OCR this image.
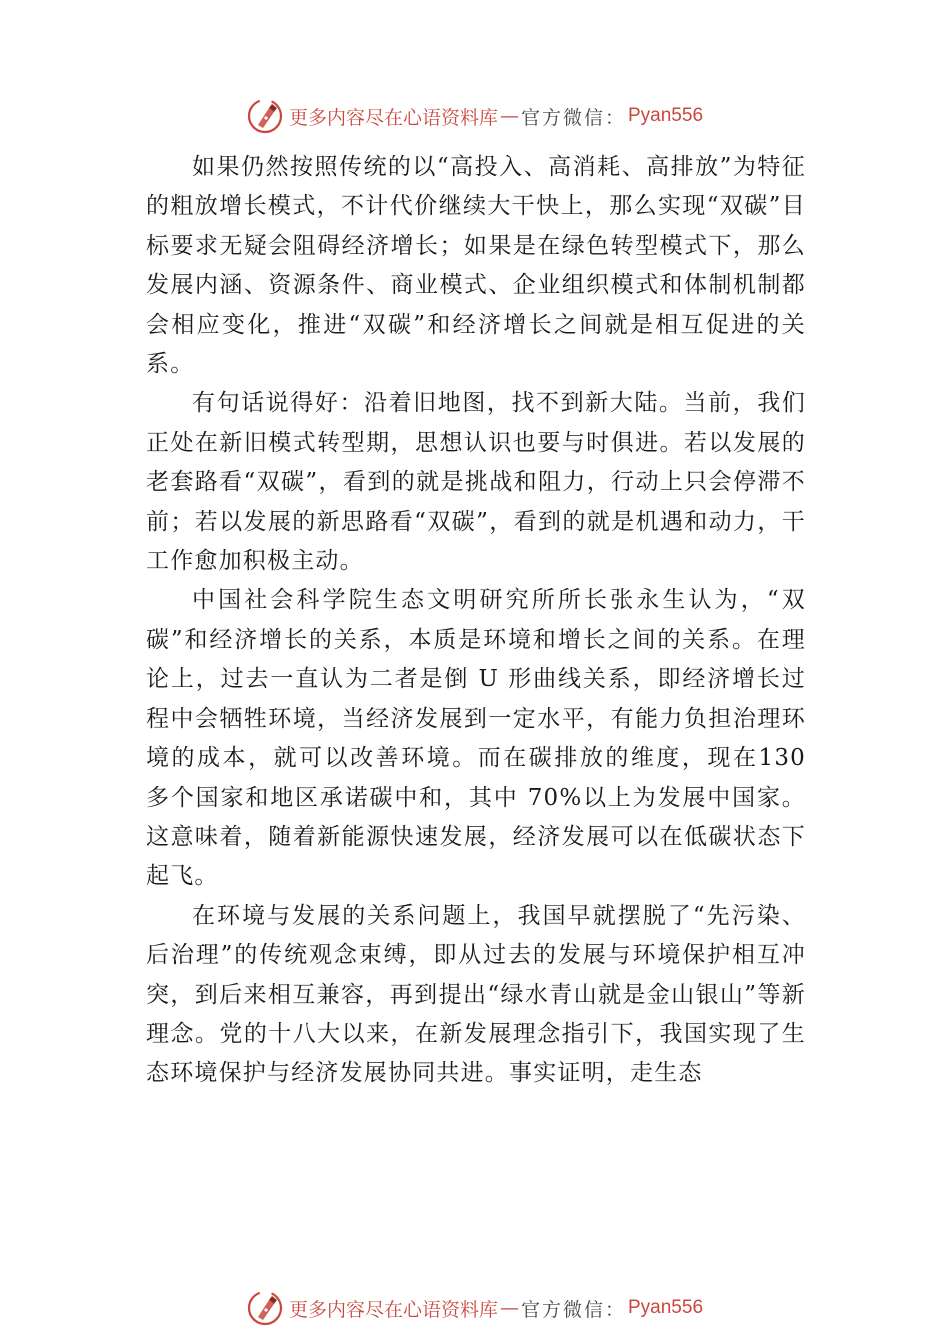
更多内容尽在心语资料库 — 官方微信： Pyan556

如果仍然按照传统的以“高投入、高消耗、高排放”为特征的粗放增长模式，不计代价继续大干快上，那么实现“双碳”目标要求无疑会阻碍经济增长；如果是在绿色转型模式下，那么发展内涵、资源条件、商业模式、企业组织模式和体制机制都会相应变化，推进“双碳”和经济增长之间就是相互促进的关系。

有句话说得好：沿着旧地图，找不到新大陆。当前，我们正处在新旧模式转型期，思想认识也要与时俱进。若以发展的老套路看“双碳”，看到的就是挑战和阻力，行动上只会停滞不前；若以发展的新思路看“双碳”，看到的就是机遇和动力，干工作愈加积极主动。

中国社会科学院生态文明研究所所长张永生认为，“双碳”和经济增长的关系，本质是环境和增长之间的关系。在理论上，过去一直认为二者是倒 U 形曲线关系，即经济增长过程中会牺牲环境，当经济发展到一定水平，有能力负担治理环境的成本，就可以改善环境。而在碳排放的维度，现在130 多个国家和地区承诺碳中和，其中 70%以上为发展中国家。这意味着，随着新能源快速发展，经济发展可以在低碳状态下起飞。

在环境与发展的关系问题上，我国早就摆脱了“先污染、后治理”的传统观念束缚，即从过去的发展与环境保护相互冲突，到后来相互兼容，再到提出“绿水青山就是金山银山”等新理念。党的十八大以来，在新发展理念指引下，我国实现了生态环境保护与经济发展协同共进。事实证明，走生态

更多内容尽在心语资料库 — 官方微信： Pyan556
